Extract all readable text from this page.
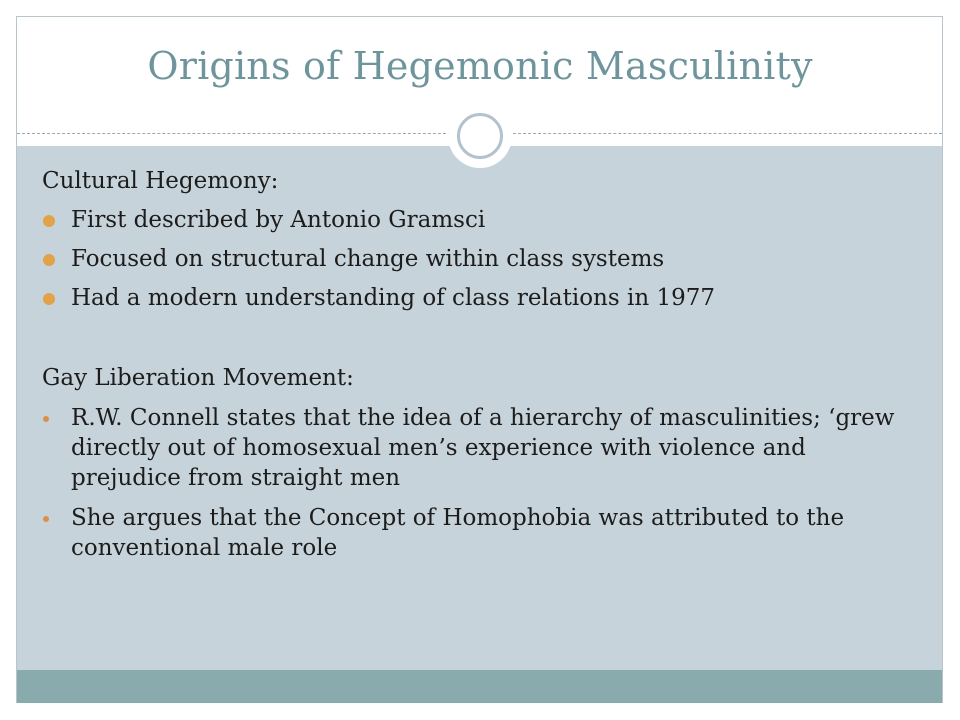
Origins of Hegemonic Masculinity
Cultural Hegemony:
First described by Antonio Gramsci
Focused on structural change within class systems
Had a modern understanding of class relations in 1977
Gay Liberation Movement:
R.W. Connell states that the idea of a hierarchy of masculinities; ‘grew directly out of homosexual men’s experience with violence and prejudice from straight men
She argues that the Concept of Homophobia was attributed to the conventional male role
